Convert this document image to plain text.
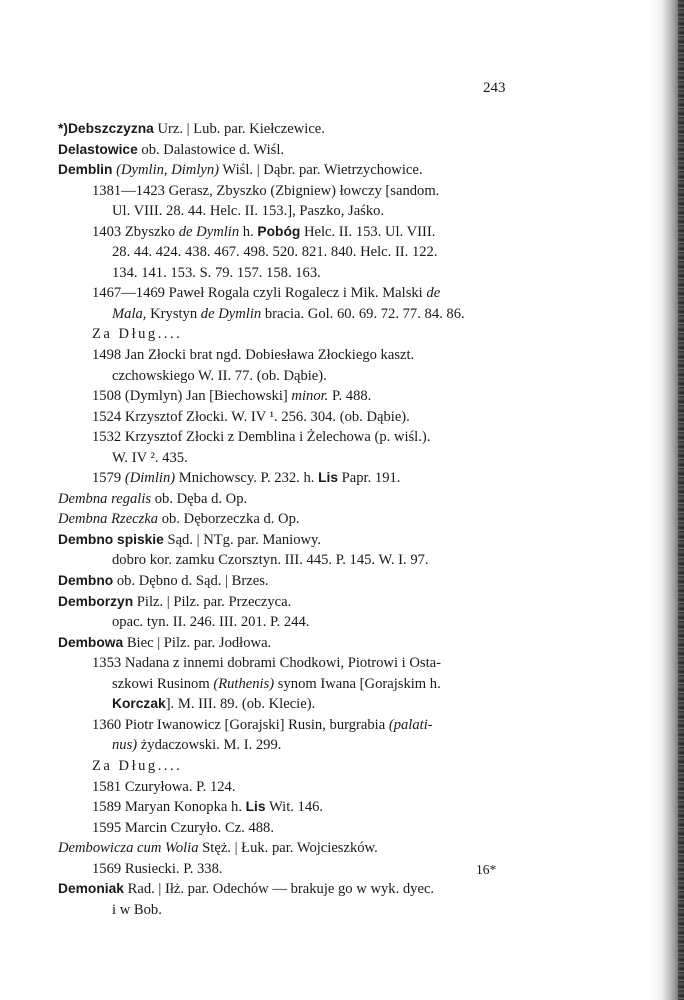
243
*)Debszczyzna Urz. | Lub. par. Kiełczewice.
Delastowice ob. Dalastowice d. Wiśl.
Demblin (Dymlin, Dimlyn) Wiśl. | Dąbr. par. Wietrzychowice.
1381—1423 Gerasz, Zbyszko (Zbigniew) łowczy [sandom.
Ul. VIII. 28. 44. Helc. II. 153.], Paszko, Jaśko.
1403 Zbyszko de Dymlin h. Pobóg Helc. II. 153. Ul. VIII.
28. 44. 424. 438. 467. 498. 520. 821. 840. Helc. II. 122.
134. 141. 153. S. 79. 157. 158. 163.
1467—1469 Paweł Rogala czyli Rogalecz i Mik. Malski de
Mala, Krystyn de Dymlin bracia. Gol. 60. 69. 72. 77. 84. 86.
Za Dług....
1498 Jan Złocki brat ngd. Dobiesława Złockiego kaszt.
czchowskiego W. II. 77. (ob. Dąbie).
1508 (Dymlyn) Jan [Biechowski] minor. P. 488.
1524 Krzysztof Złocki. W. IV ¹. 256. 304. (ob. Dąbie).
1532 Krzysztof Złocki z Demblina i Żelechowa (p. wiśl.).
W. IV ². 435.
1579 (Dimlin) Mnichowscy. P. 232. h. Lis Papr. 191.
Dembna regalis ob. Dęba d. Op.
Dembna Rzeczka ob. Dęborzeczka d. Op.
Dembno spiskie Sąd. | NTg. par. Maniowy.
dobro kor. zamku Czorsztyn. III. 445. P. 145. W. I. 97.
Dembno ob. Dębno d. Sąd. | Brzes.
Demborzyn Pilz. | Pilz. par. Przeczyca.
opac. tyn. II. 246. III. 201. P. 244.
Dembowa Biec | Pilz. par. Jodłowa.
1353 Nadana z innemi dobrami Chodkowi, Piotrowi i Osta-
szkowi Rusinom (Ruthenis) synom Iwana [Gorajskim h.
Korczak]. M. III. 89. (ob. Klecie).
1360 Piotr Iwanowicz [Gorajski] Rusin, burgrabia (palati-
nus) żydaczowski. M. I. 299.
Za Dług....
1581 Czuryłowa. P. 124.
1589 Maryan Konopka h. Lis Wit. 146.
1595 Marcin Czuryło. Cz. 488.
Dembowicza cum Wolia Stęż. | Łuk. par. Wojcieszków.
1569 Rusiecki. P. 338.
Demoniak Rad. | Iłż. par. Odechów — brakuje go w wyk. dyec.
i w Bob.
16*
